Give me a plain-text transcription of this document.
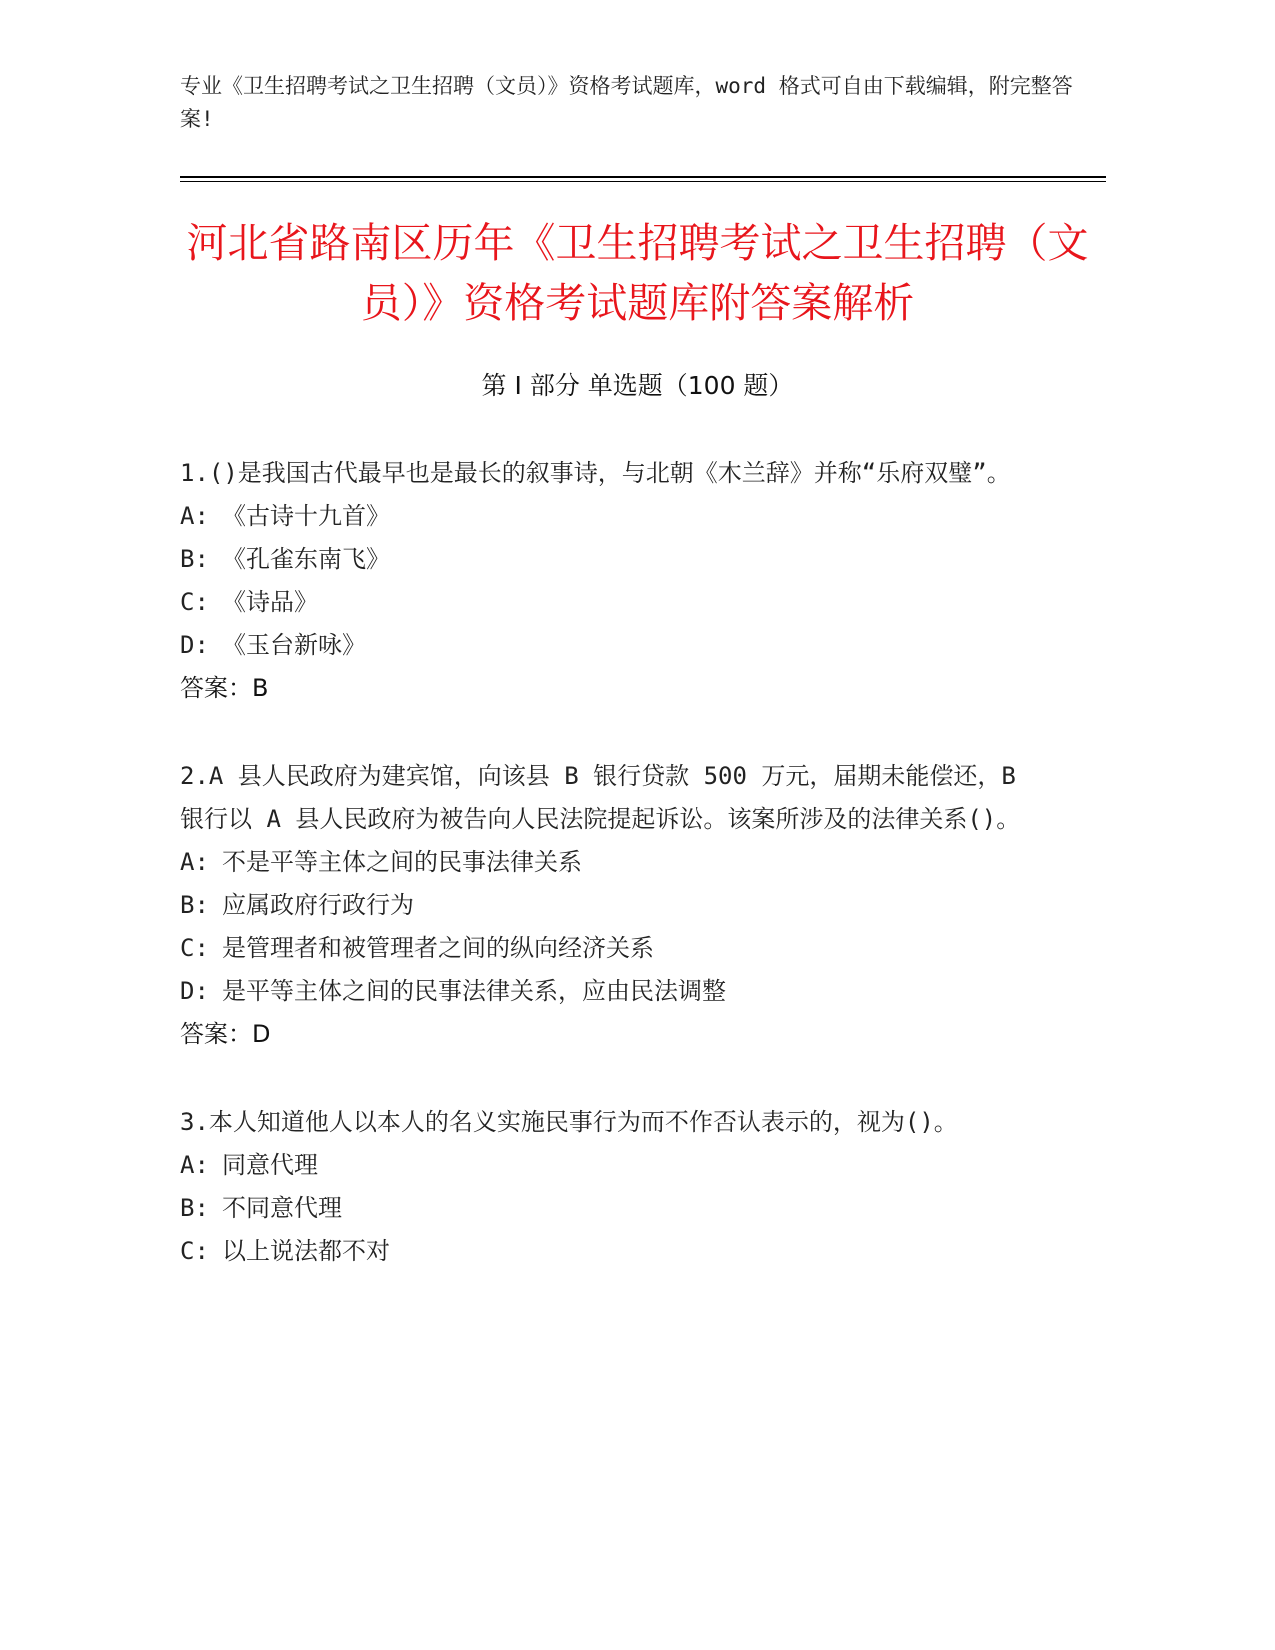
专业《卫生招聘考试之卫生招聘（文员）》资格考试题库，word 格式可自由下载编辑，附完整答案!
河北省路南区历年《卫生招聘考试之卫生招聘（文员）》资格考试题库附答案解析
第 I 部分 单选题（100 题）
1.()是我国古代最早也是最长的叙事诗，与北朝《木兰辞》并称“乐府双璧”。
A: 《古诗十九首》
B: 《孔雀东南飞》
C: 《诗品》
D: 《玉台新咏》
答案：B
2.A 县人民政府为建宾馆，向该县 B 银行贷款 500 万元，届期未能偿还，B 银行以 A 县人民政府为被告向人民法院提起诉讼。该案所涉及的法律关系()。
A: 不是平等主体之间的民事法律关系
B: 应属政府行政行为
C: 是管理者和被管理者之间的纵向经济关系
D: 是平等主体之间的民事法律关系，应由民法调整
答案：D
3.本人知道他人以本人的名义实施民事行为而不作否认表示的，视为()。
A: 同意代理
B: 不同意代理
C: 以上说法都不对
